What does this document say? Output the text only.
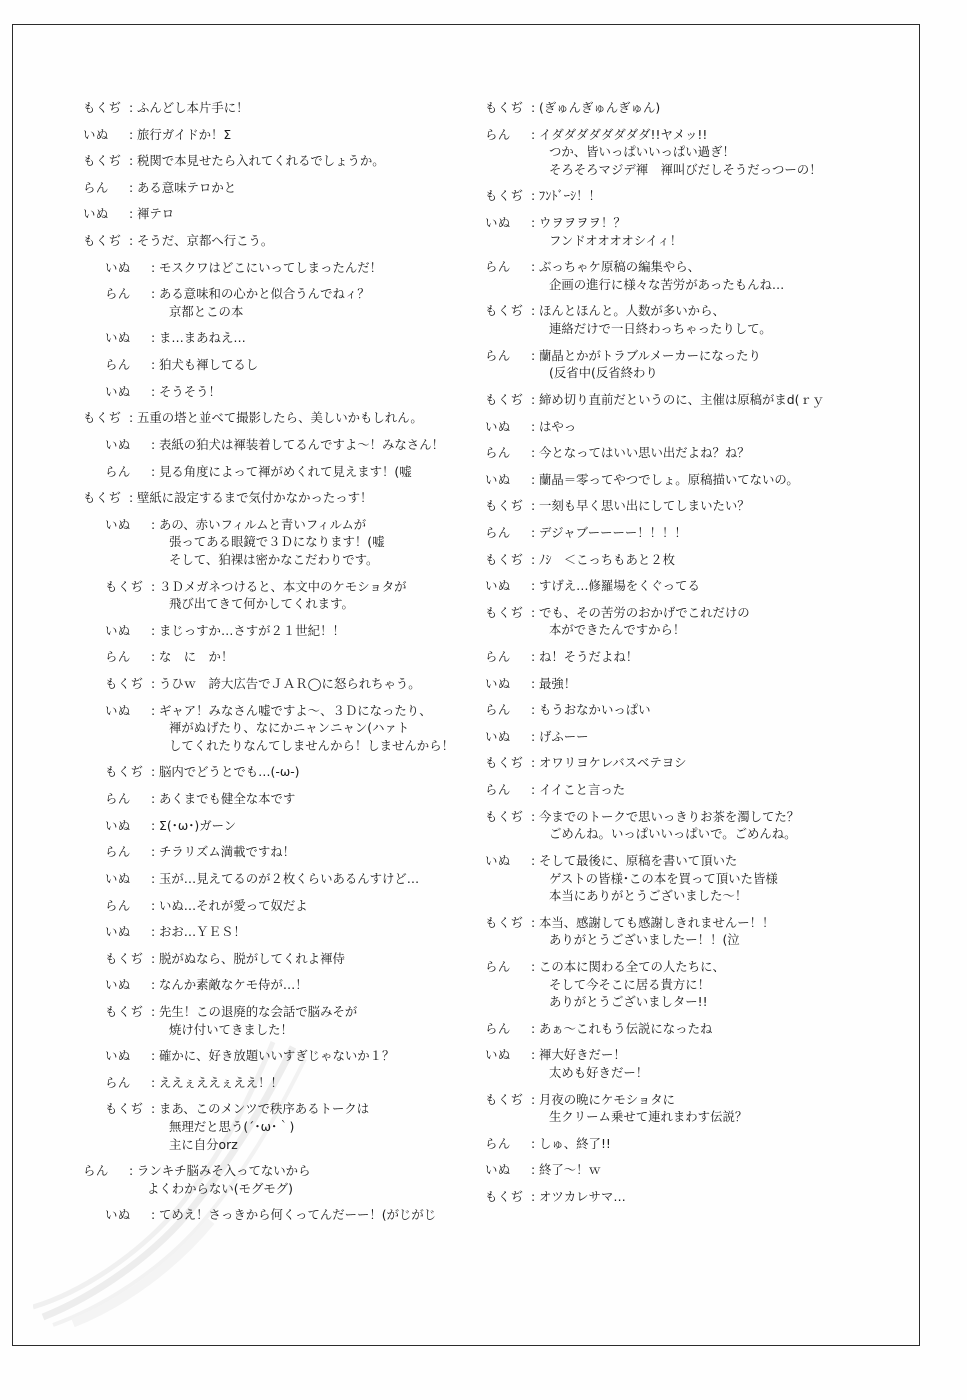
もくぢ : ふんどし本片手に！
いぬ	: 旅行ガイドか！Σ
もくぢ : 税関で本見せたら入れてくれるでしょうか。
らん	: ある意味テロかと
いぬ	: 褌テロ
もくぢ : そうだ、京都へ行こう。
いぬ	: モスクワはどこにいってしまったんだ！
らん	: ある意味和の心かと似合うんでねィ？
京都とこの本
いぬ	: ま…まあねえ…
らん	: 狛犬も褌してるし
いぬ	: そうそう！
もくぢ : 五重の塔と並べて撮影したら、美しいかもしれん。
いぬ	: 表紙の狛犬は褌装着してるんですよ～！みなさん！
らん	: 見る角度によって褌がめくれて見えます！(嘘
もくぢ : 壁紙に設定するまで気付かなかったっす！
いぬ	: あの、赤いフィルムと青いフィルムが
張ってある眼鏡で３Ｄになります！(嘘
そして、狛裸は密かなこだわりです。
もくぢ : ３Ｄメガネつけると、本文中のケモショタが
飛び出てきて何かしてくれます。
いぬ	: まじっすか…さすが２１世紀！！
らん	: な　に　か！
もくぢ : うひｗ　誇大広告でＪＡＲ◯に怒られちゃう。
いぬ	: ギャア！みなさん嘘ですよ～、３Ｄになったり、
褌がぬげたり、なにかニャンニャン(ハァト
してくれたりなんてしませんから！しませんから！
もくぢ : 脳内でどうとでも…(-ω-)
らん	: あくまでも健全な本です
いぬ	: Σ(･ω･)ガーン
らん	: チラリズム満載ですね！
いぬ	: 玉が…見えてるのが２枚くらいあるんすけど…
らん	: いぬ…それが愛って奴だよ
いぬ	: おお…ＹＥＳ！
もくぢ : 脱がぬなら、脱がしてくれよ褌侍
いぬ	: なんか素敵なケモ侍が…！
もくぢ : 先生！この退廃的な会話で脳みそが
焼け付いてきました！
いぬ	: 確かに、好き放題いいすぎじゃないか１？
らん	: ええぇええぇええ！！
もくぢ : まあ、このメンツで秩序あるトークは
無理だと思う(´･ω･｀)
主に自分orz
らん	: ランキチ脳みそ入ってないから
よくわからない(モグモグ)
いぬ	: てめえ！さっきから何くってんだーー！(がじがじ
もくぢ : (ぎゅんぎゅんぎゅん)
らん	: イダダダダダダダダ!!ヤメッ!!
つか、皆いっぱいいっぱい過ぎ！
そろそろマジデ褌　褌叫びだしそうだっつーの！
もくぢ : ﾌﾝﾄﾞｰｼ！！
いぬ	: ウヲヲヲヲ！？
フンドオオオオシイィ！
らん	: ぶっちゃケ原稿の編集やら、
企画の進行に様々な苦労があったもんね…
もくぢ : ほんとほんと。人数が多いから、
連絡だけで一日終わっちゃったりして。
らん	: 蘭晶とかがトラブルメーカーになったり
(反省中(反省終わり
もくぢ : 締め切り直前だというのに、主催は原稿がまd(ｒｙ
いぬ	: はやっ
らん	: 今となってはいい思い出だよね？ね？
いぬ	: 蘭晶＝零ってやつでしょ。原稿描いてないの。
もくぢ : 一刻も早く思い出にしてしまいたい？
らん	: デジャブーーーー！！！！
もくぢ : ﾉｼ　＜こっちもあと２枚
いぬ	: すげえ…修羅場をくぐってる
もくぢ : でも、その苦労のおかげでこれだけの
本ができたんですから！
らん	: ね！そうだよね！
いぬ	: 最強！
らん	: もうおなかいっぱい
いぬ	: げふーー
もくぢ : オワリヨケレバスベテヨシ
らん	: イイこと言った
もくぢ : 今までのトークで思いっきりお茶を濁してた？
ごめんね。いっぱいいっぱいで。ごめんね。
いぬ	: そして最後に、原稿を書いて頂いた
ゲストの皆様･この本を買って頂いた皆様
本当にありがとうございました～！
もくぢ : 本当、感謝しても感謝しきれませんー！！
ありがとうございましたー！！(泣
らん	: この本に関わる全ての人たちに、
そして今そこに居る貴方に！
ありがとうございましター!!
らん	: あぁ～これもう伝説になったね
いぬ	: 褌大好きだー！
太めも好きだー！
もくぢ : 月夜の晩にケモショタに
生クリーム乗せて連れまわす伝説？
らん	: しゅ、終了!!
いぬ	: 終了～！ｗ
もくぢ : オツカレサマ…
